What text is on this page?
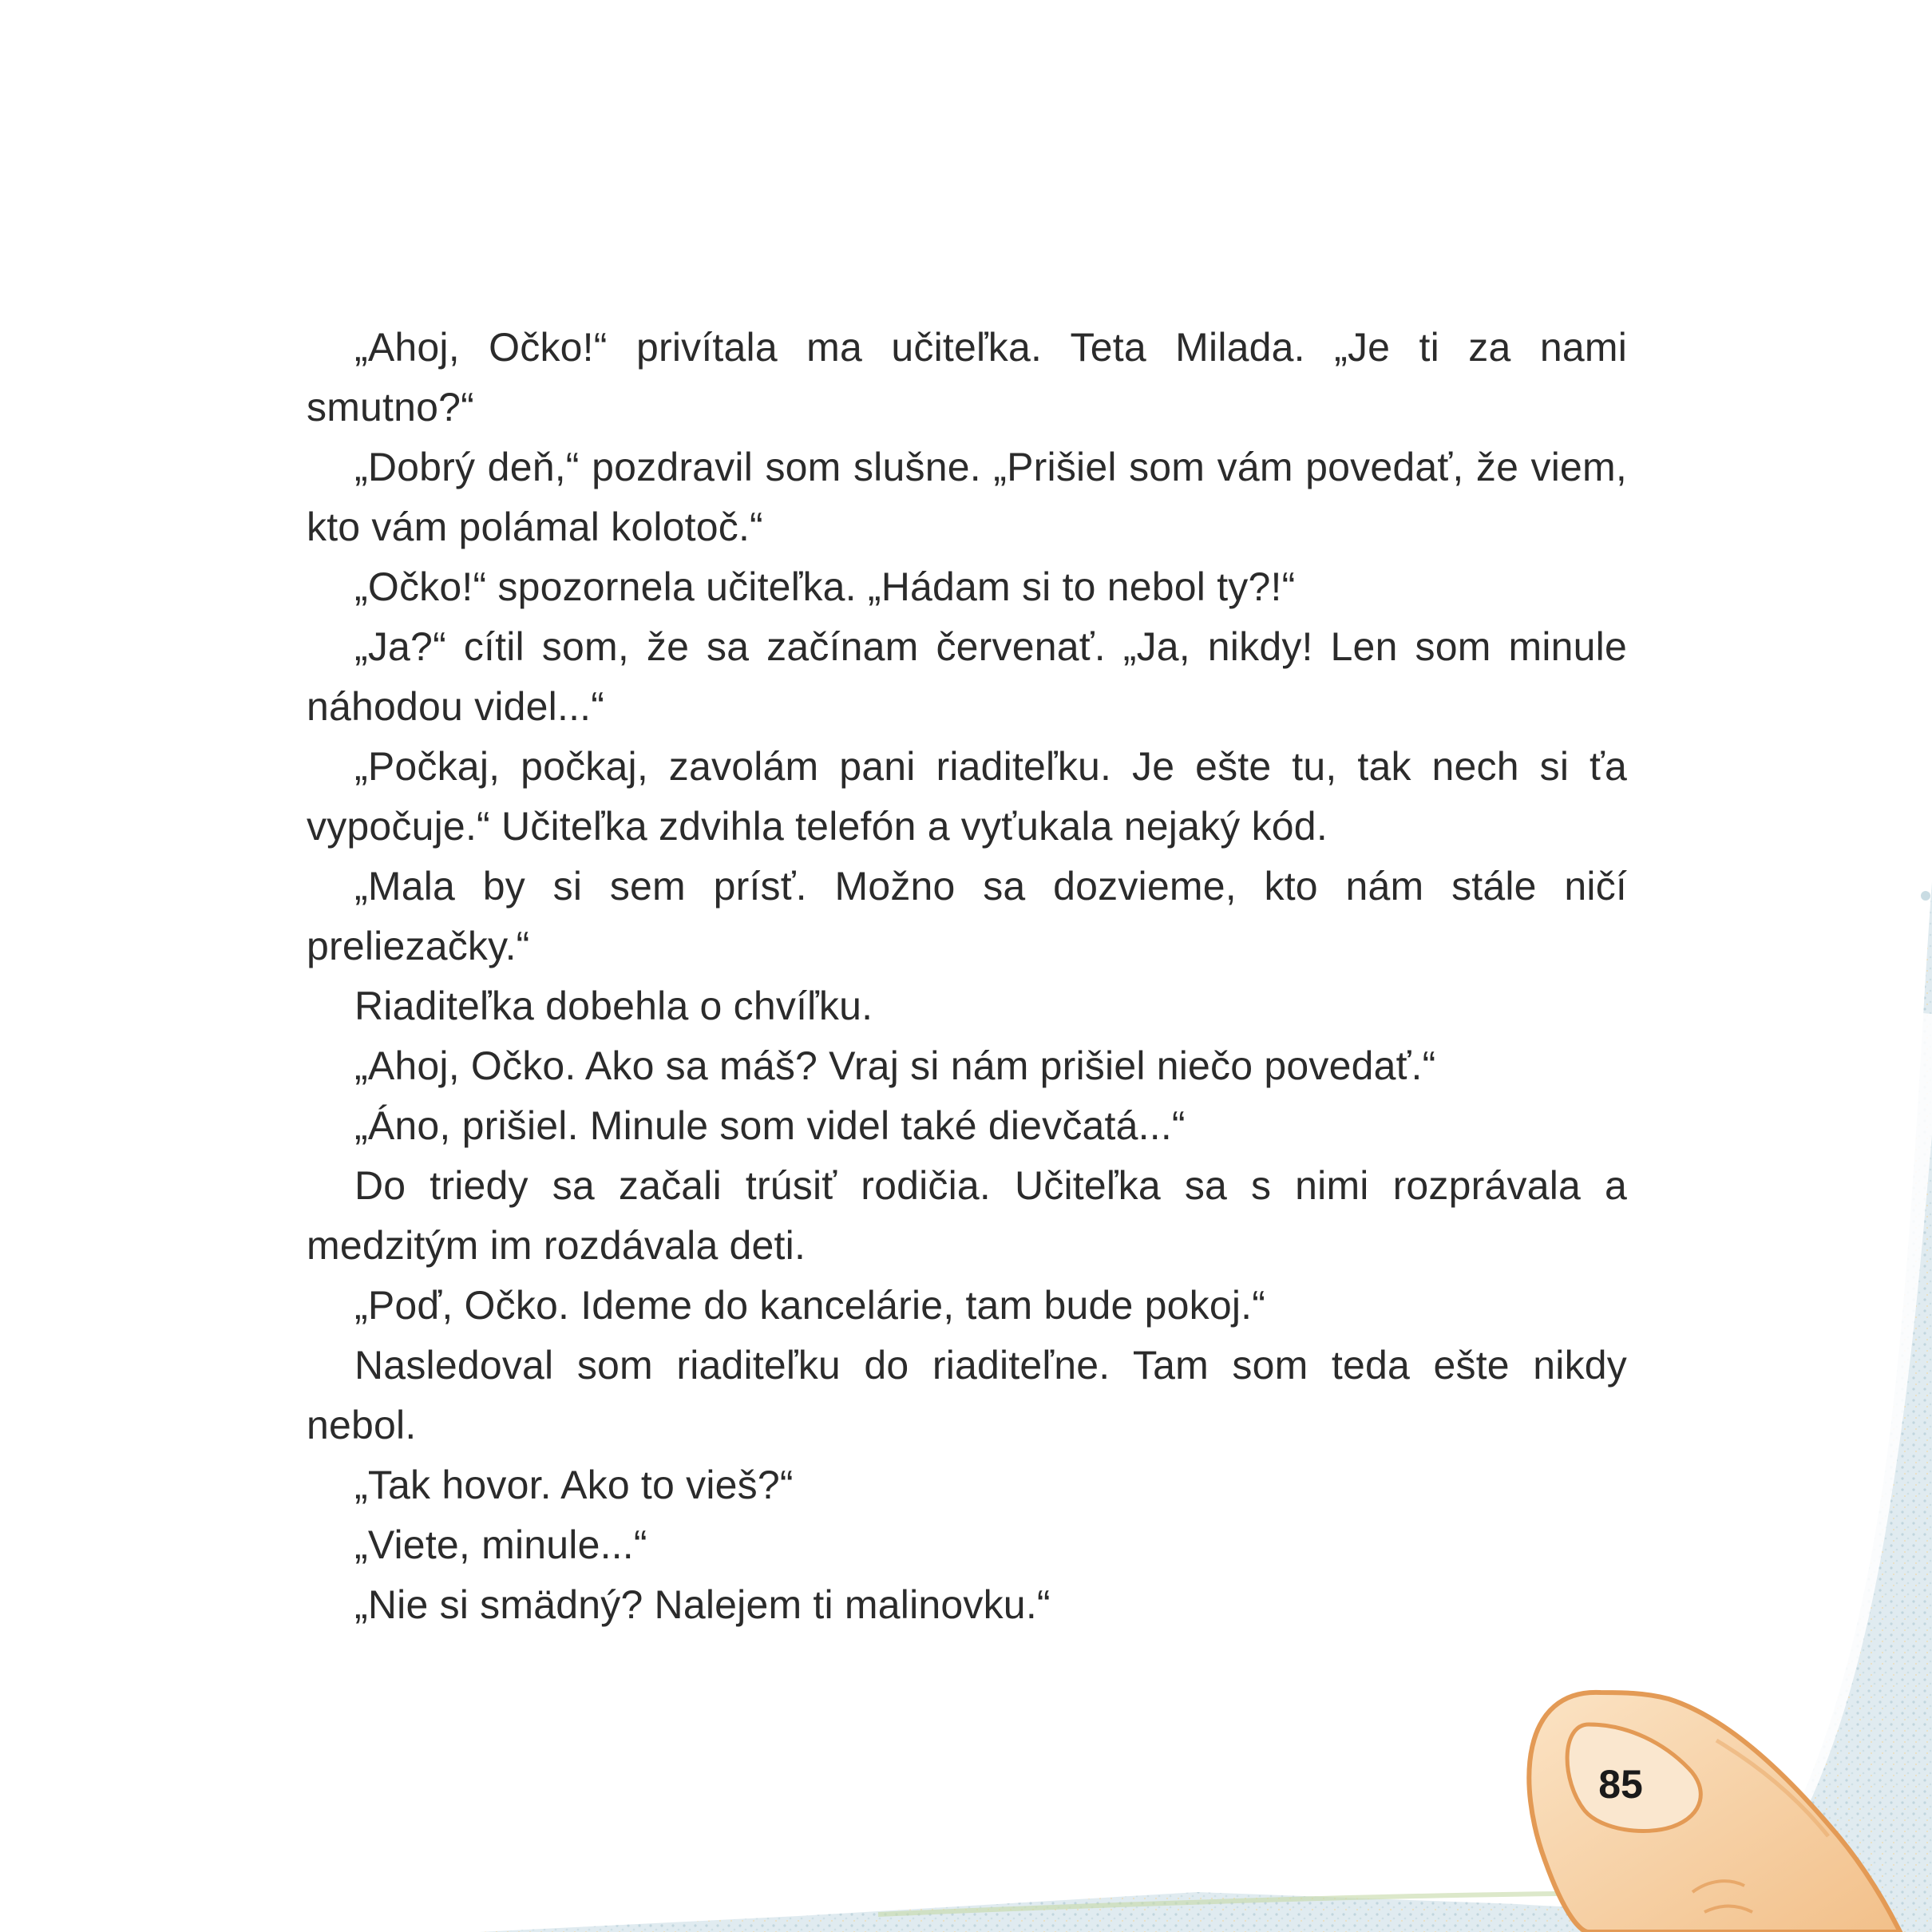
„Ahoj, Očko!“ privítala ma učiteľka. Teta Milada. „Je ti za nami smutno?“

„Dobrý deň,“ pozdravil som slušne. „Prišiel som vám povedať, že viem, kto vám polámal kolotoč.“

„Očko!“ spozornela učiteľka. „Hádam si to nebol ty?!“

„Ja?“ cítil som, že sa začínam červenať. „Ja, nikdy! Len som minule náhodou videl...“

„Počkaj, počkaj, zavolám pani riaditeľku. Je ešte tu, tak nech si ťa vypočuje.“ Učiteľka zdvihla telefón a vyťukala nejaký kód.

„Mala by si sem prísť. Možno sa dozvieme, kto nám stále ničí preliezačky.“

Riaditeľka dobehla o chvíľku.

„Ahoj, Očko. Ako sa máš? Vraj si nám prišiel niečo povedať.“

„Áno, prišiel. Minule som videl také dievčatá...“

Do triedy sa začali trúsiť rodičia. Učiteľka sa s nimi rozprávala a medzitým im rozdávala deti.

„Poď, Očko. Ideme do kancelárie, tam bude pokoj.“

Nasledoval som riaditeľku do riaditeľne. Tam som teda ešte nikdy nebol.

„Tak hovor. Ako to vieš?“

„Viete, minule...“

„Nie si smädný? Nalejem ti malinovku.“

85
